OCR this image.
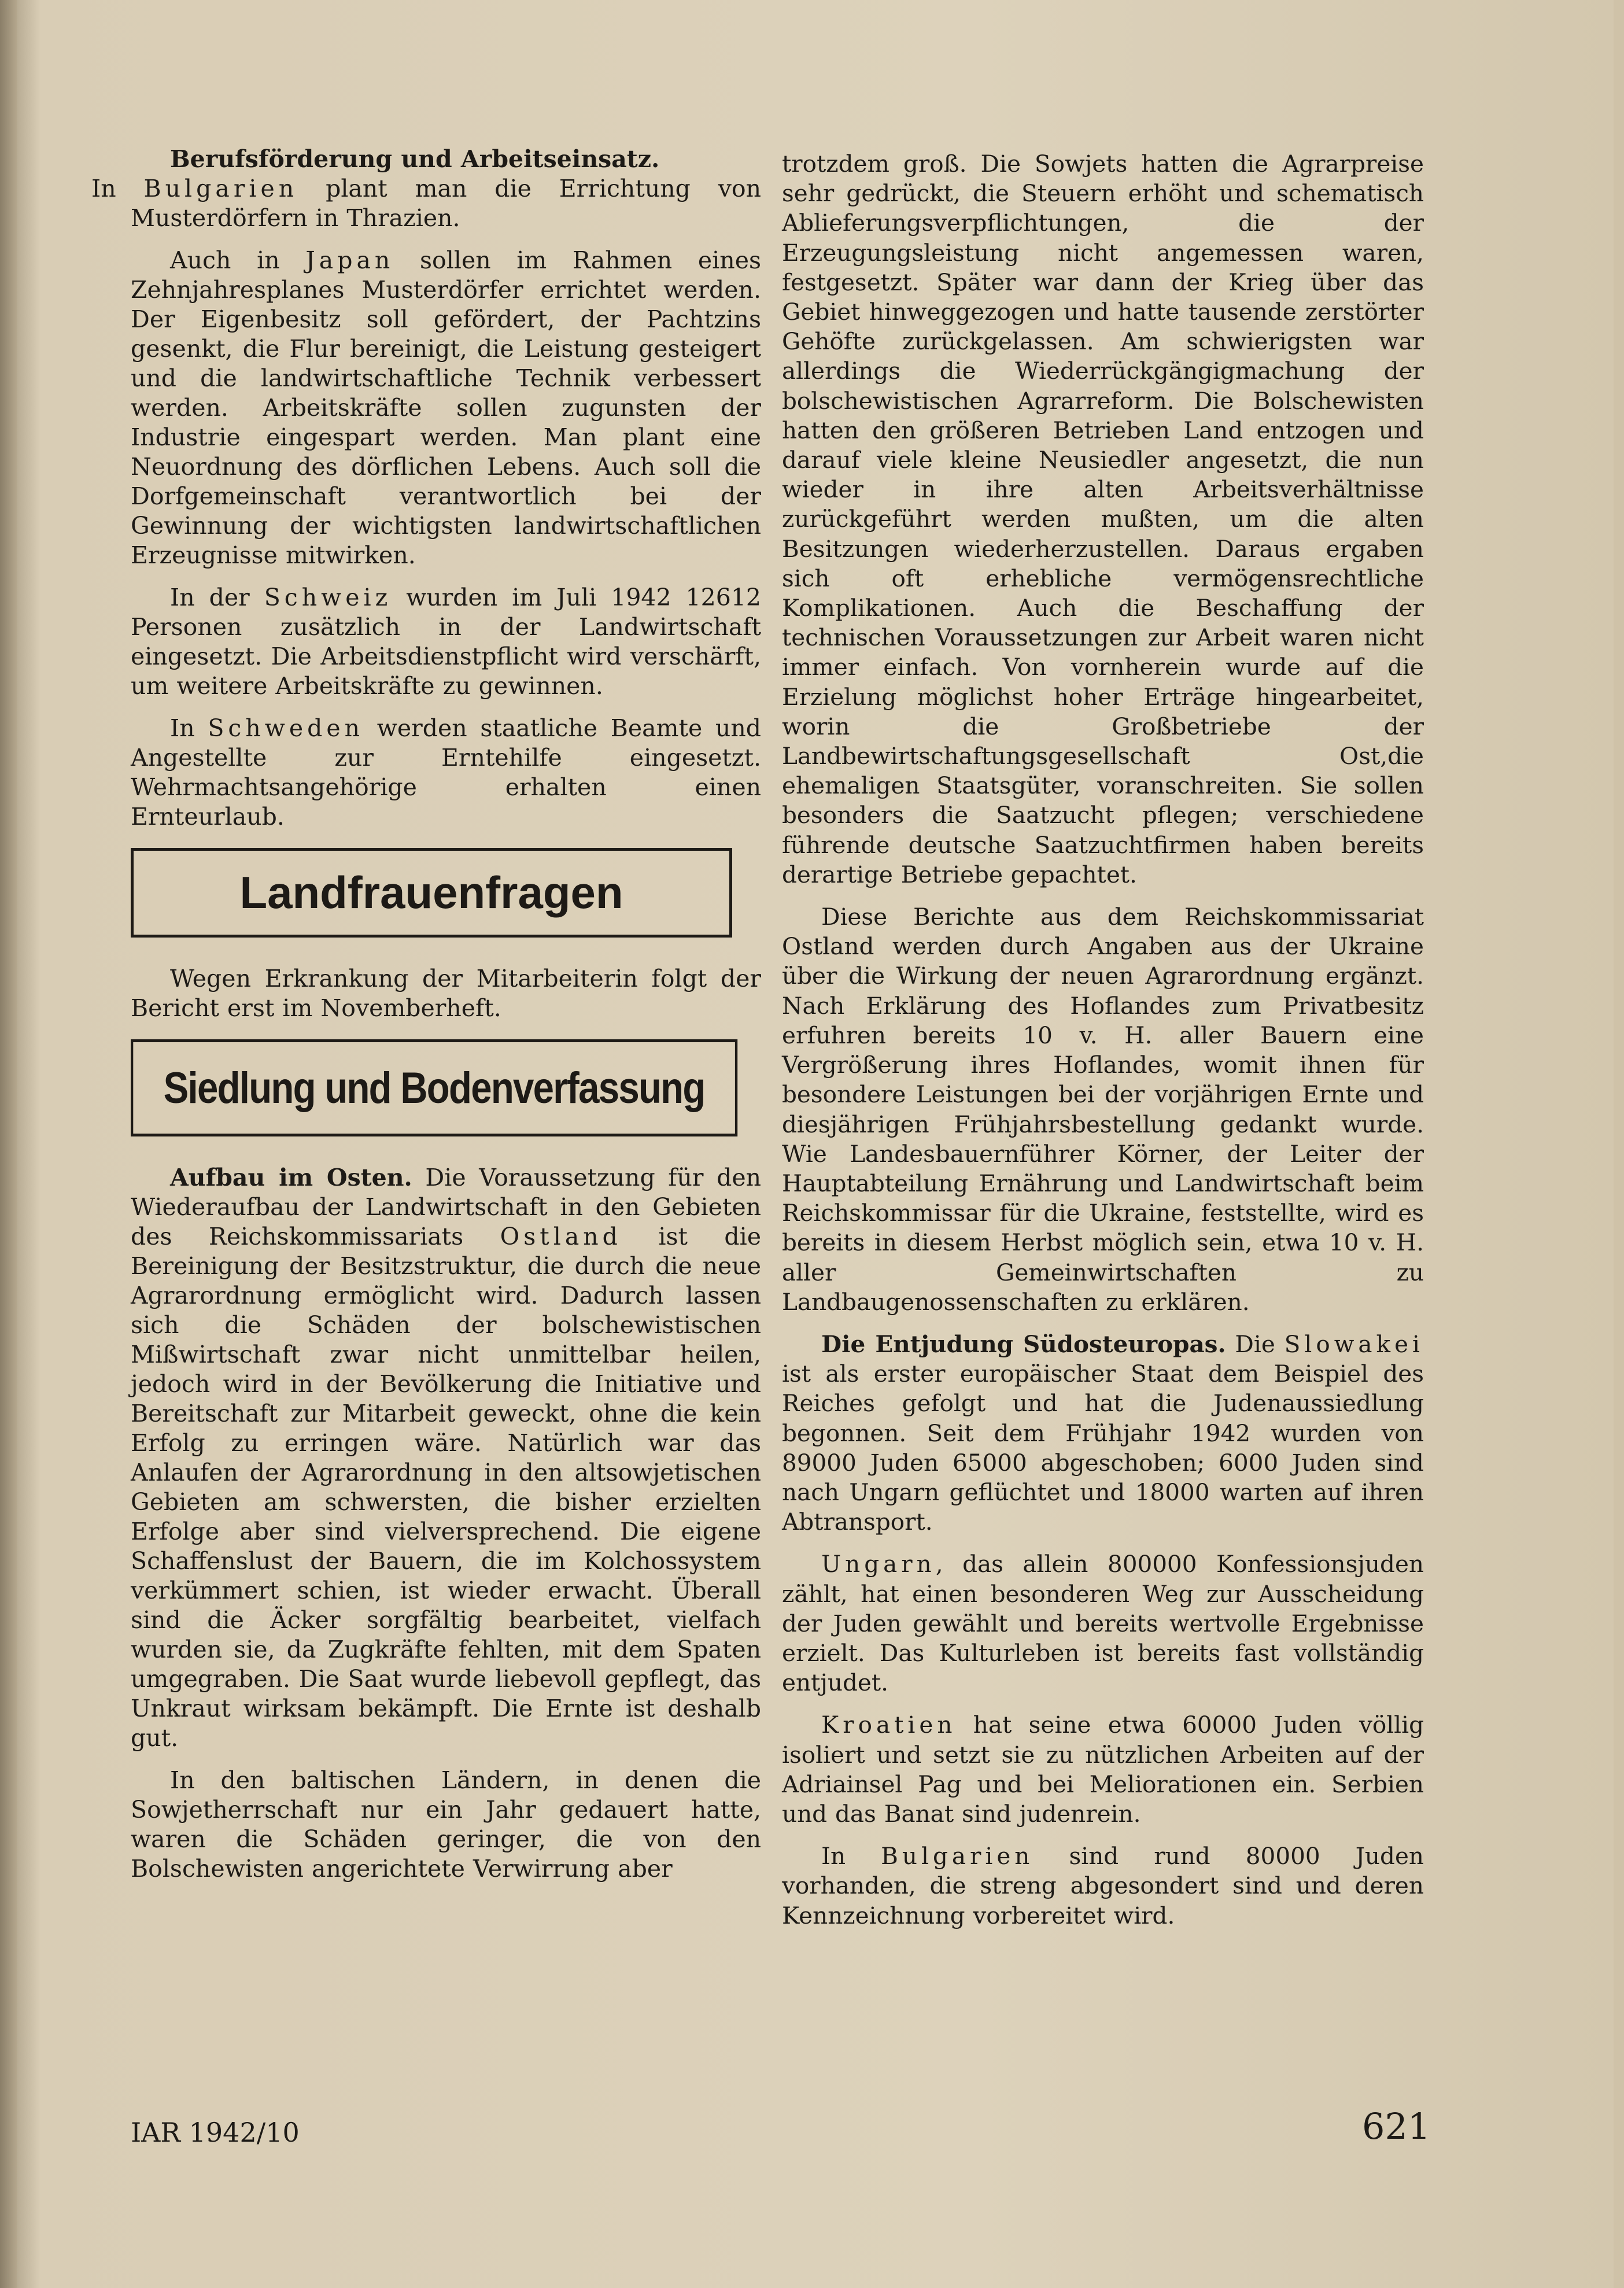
Berufsförderung und Arbeitseinsatz.
In Bulgarien plant man die Errichtung von Musterdörfern in Thrazien.

Auch in Japan sollen im Rahmen eines Zehnjahresplanes Musterdörfer errichtet werden. Der Eigenbesitz soll gefördert, der Pachtzins gesenkt, die Flur bereinigt, die Leistung gesteigert und die landwirtschaftliche Technik verbessert werden. Arbeitskräfte sollen zugunsten der Industrie eingespart werden. Man plant eine Neuordnung des dörflichen Lebens. Auch soll die Dorfgemeinschaft verantwortlich bei der Gewinnung der wichtigsten landwirtschaftlichen Erzeugnisse mitwirken.

In der Schweiz wurden im Juli 1942 12612 Personen zusätzlich in der Landwirtschaft eingesetzt. Die Arbeitsdienstpflicht wird verschärft, um weitere Arbeitskräfte zu gewinnen.

In Schweden werden staatliche Beamte und Angestellte zur Erntehilfe eingesetzt. Wehrmachtsangehörige erhalten einen Ernteurlaub.

Landfrauenfragen

Wegen Erkrankung der Mitarbeiterin folgt der Bericht erst im Novemberheft.

Siedlung und Bodenverfassung

Aufbau im Osten. Die Voraussetzung für den Wiederaufbau der Landwirtschaft in den Gebieten des Reichskommissariats Ostland ist die Bereinigung der Besitzstruktur, die durch die neue Agrarordnung ermöglicht wird. Dadurch lassen sich die Schäden der bolschewistischen Mißwirtschaft zwar nicht unmittelbar heilen, jedoch wird in der Bevölkerung die Initiative und Bereitschaft zur Mitarbeit geweckt, ohne die kein Erfolg zu erringen wäre. Natürlich war das Anlaufen der Agrarordnung in den altsowjetischen Gebieten am schwersten, die bisher erzielten Erfolge aber sind vielversprechend. Die eigene Schaffenslust der Bauern, die im Kolchossystem verkümmert schien, ist wieder erwacht. Überall sind die Äcker sorgfältig bearbeitet, vielfach wurden sie, da Zugkräfte fehlten, mit dem Spaten umgegraben. Die Saat wurde liebevoll gepflegt, das Unkraut wirksam bekämpft. Die Ernte ist deshalb gut.

In den baltischen Ländern, in denen die Sowjetherrschaft nur ein Jahr gedauert hatte, waren die Schäden geringer, die von den Bolschewisten angerichtete Verwirrung aber

trotzdem groß. Die Sowjets hatten die Agrarpreise sehr gedrückt, die Steuern erhöht und schematisch Ablieferungsverpflichtungen, die der Erzeugungsleistung nicht angemessen waren, festgesetzt. Später war dann der Krieg über das Gebiet hinweggezogen und hatte tausende zerstörter Gehöfte zurückgelassen. Am schwierigsten war allerdings die Wiederrückgängigmachung der bolschewistischen Agrarreform. Die Bolschewisten hatten den größeren Betrieben Land entzogen und darauf viele kleine Neusiedler angesetzt, die nun wieder in ihre alten Arbeitsverhältnisse zurückgeführt werden mußten, um die alten Besitzungen wiederherzustellen. Daraus ergaben sich oft erhebliche vermögensrechtliche Komplikationen. Auch die Beschaffung der technischen Voraussetzungen zur Arbeit waren nicht immer einfach. Von vornherein wurde auf die Erzielung möglichst hoher Erträge hingearbeitet, worin die Großbetriebe der Landbewirtschaftungsgesellschaft Ost,die ehemaligen Staatsgüter, voranschreiten. Sie sollen besonders die Saatzucht pflegen; verschiedene führende deutsche Saatzuchtfirmen haben bereits derartige Betriebe gepachtet.

Diese Berichte aus dem Reichskommissariat Ostland werden durch Angaben aus der Ukraine über die Wirkung der neuen Agrarordnung ergänzt. Nach Erklärung des Hoflandes zum Privatbesitz erfuhren bereits 10 v. H. aller Bauern eine Vergrößerung ihres Hoflandes, womit ihnen für besondere Leistungen bei der vorjährigen Ernte und diesjährigen Frühjahrsbestellung gedankt wurde. Wie Landesbauernführer Körner, der Leiter der Hauptabteilung Ernährung und Landwirtschaft beim Reichskommissar für die Ukraine, feststellte, wird es bereits in diesem Herbst möglich sein, etwa 10 v. H. aller Gemeinwirtschaften zu Landbaugenossenschaften zu erklären.

Die Entjudung Südosteuropas. Die Slowakei ist als erster europäischer Staat dem Beispiel des Reiches gefolgt und hat die Judenaussiedlung begonnen. Seit dem Frühjahr 1942 wurden von 89000 Juden 65000 abgeschoben; 6000 Juden sind nach Ungarn geflüchtet und 18000 warten auf ihren Abtransport.

Ungarn, das allein 800000 Konfessionsjuden zählt, hat einen besonderen Weg zur Ausscheidung der Juden gewählt und bereits wertvolle Ergebnisse erzielt. Das Kulturleben ist bereits fast vollständig entjudet.

Kroatien hat seine etwa 60000 Juden völlig isoliert und setzt sie zu nützlichen Arbeiten auf der Adriainsel Pag und bei Meliorationen ein. Serbien und das Banat sind judenrein.

In Bulgarien sind rund 80000 Juden vorhanden, die streng abgesondert sind und deren Kennzeichnung vorbereitet wird.

IAR 1942/10	621
